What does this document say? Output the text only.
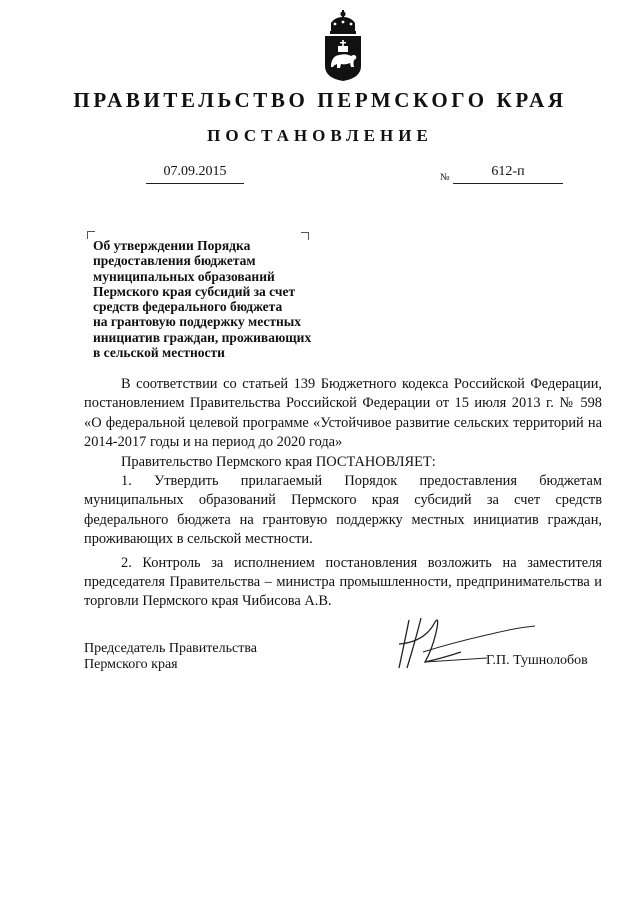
ПРАВИТЕЛЬСТВО ПЕРМСКОГО КРАЯ
ПОСТАНОВЛЕНИЕ
07.09.2015	№	612-п
Об утверждении Порядка
предоставления бюджетам
муниципальных образований
Пермского края субсидий за счет
средств федерального бюджета
на грантовую поддержку местных
инициатив граждан, проживающих
в сельской местности

В соответствии со статьей 139 Бюджетного кодекса Российской Федерации, постановлением Правительства Российской Федерации от 15 июля 2013 г. № 598 «О федеральной целевой программе «Устойчивое развитие сельских территорий на 2014-2017 годы и на период до 2020 года»

Правительство Пермского края ПОСТАНОВЛЯЕТ:

1. Утвердить прилагаемый Порядок предоставления бюджетам муниципальных образований Пермского края субсидий за счет средств федерального бюджета на грантовую поддержку местных инициатив граждан, проживающих в сельской местности.

2. Контроль за исполнением постановления возложить на заместителя председателя Правительства – министра промышленности, предпринимательства и торговли Пермского края Чибисова А.В.

Председатель Правительства
Пермского края	Г.П. Тушнолобов
